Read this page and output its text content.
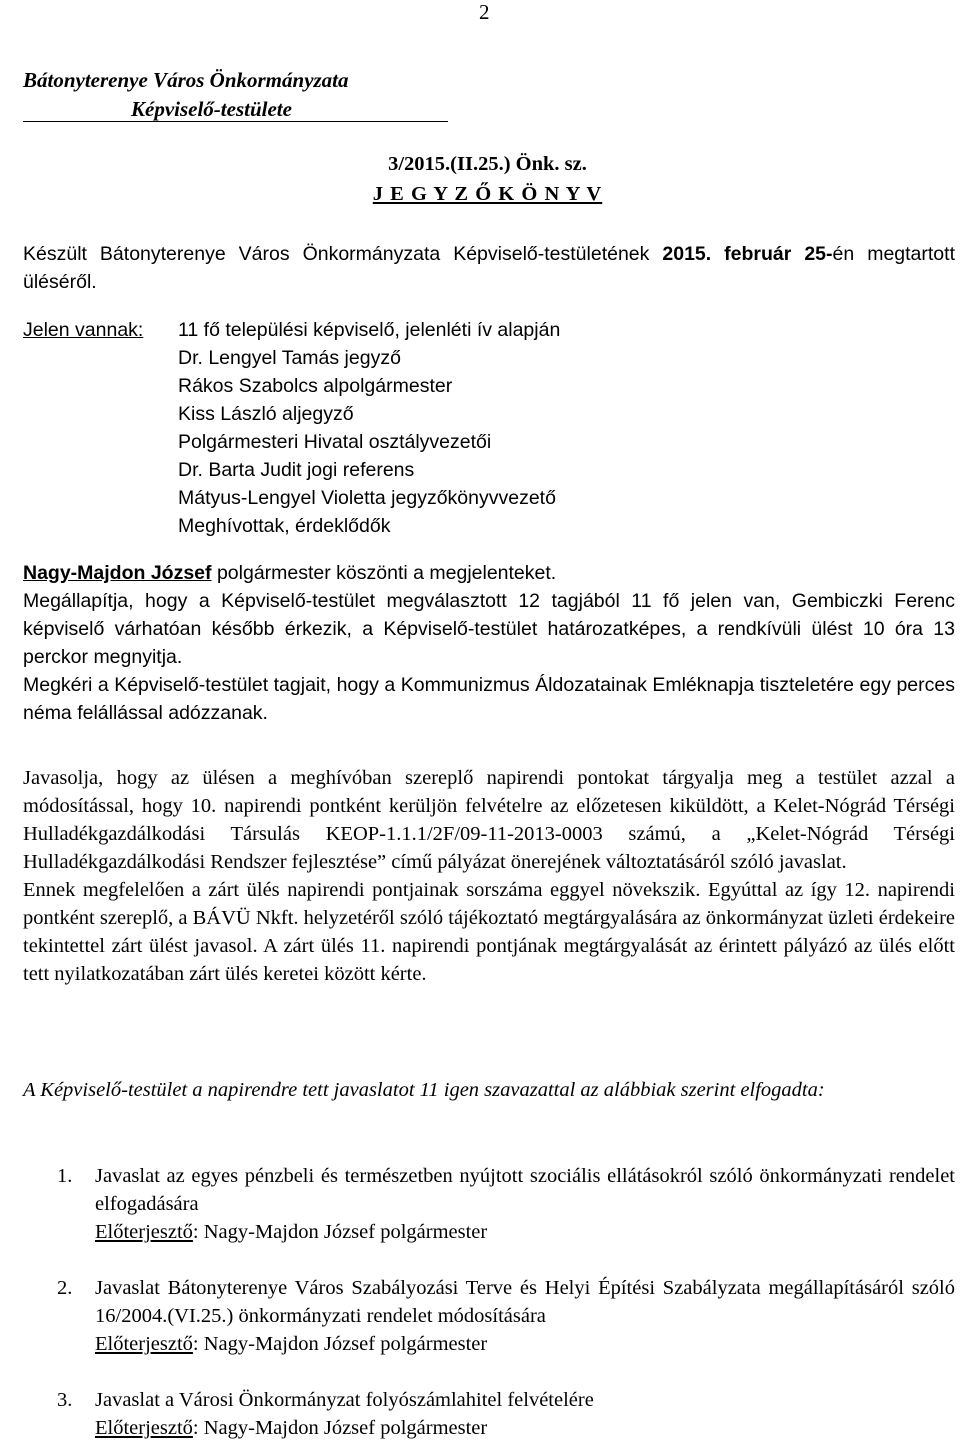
2
Bátonyterenye Város Önkormányzata
Képviselő-testülete
3/2015.(II.25.) Önk. sz.
J E G Y Z Ő K Ö N Y V
Készült Bátonyterenye Város Önkormányzata Képviselő-testületének 2015. február 25-én megtartott üléséről.
Jelen vannak: 11 fő települési képviselő, jelenléti ív alapján
Dr. Lengyel Tamás jegyző
Rákos Szabolcs alpolgármester
Kiss László aljegyző
Polgármesteri Hivatal osztályvezetői
Dr. Barta Judit jogi referens
Mátyus-Lengyel Violetta jegyzőkönyvvezető
Meghívottak, érdeklődők

Nagy-Majdon József polgármester köszönti a megjelenteket.

Megállapítja, hogy a Képviselő-testület megválasztott 12 tagjából 11 fő jelen van, Gembiczki Ferenc képviselő várhatóan később érkezik, a Képviselő-testület határozatképes, a rendkívüli ülést 10 óra 13 perckor megnyitja.

Megkéri a Képviselő-testület tagjait, hogy a Kommunizmus Áldozatainak Emléknapja tiszteletére egy perces néma felállással adózzanak.

Javasolja, hogy az ülésen a meghívóban szereplő napirendi pontokat tárgyalja meg a testület azzal a módosítással, hogy 10. napirendi pontként kerüljön felvételre az előzetesen kiküldött, a Kelet-Nógrád Térségi Hulladékgazdálkodási Társulás KEOP-1.1.1/2F/09-11-2013-0003 számú, a „Kelet-Nógrád Térségi Hulladékgazdálkodási Rendszer fejlesztése” című pályázat önerejének változtatásáról szóló javaslat.

Ennek megfelelően a zárt ülés napirendi pontjainak sorszáma eggyel növekszik. Egyúttal az így 12. napirendi pontként szereplő, a BÁVÜ Nkft. helyzetéről szóló tájékoztató megtárgyalására az önkormányzat üzleti érdekeire tekintettel zárt ülést javasol. A zárt ülés 11. napirendi pontjának megtárgyalását az érintett pályázó az ülés előtt tett nyilatkozatában zárt ülés keretei között kérte.

A Képviselő-testület a napirendre tett javaslatot 11 igen szavazattal az alábbiak szerint elfogadta:
1. Javaslat az egyes pénzbeli és természetben nyújtott szociális ellátásokról szóló önkormányzati rendelet elfogadására
Előterjesztő: Nagy-Majdon József polgármester
2. Javaslat Bátonyterenye Város Szabályozási Terve és Helyi Építési Szabályzata megállapításáról szóló 16/2004.(VI.25.) önkormányzati rendelet módosítására
Előterjesztő: Nagy-Majdon József polgármester
3. Javaslat a Városi Önkormányzat folyószámlahitel felvételére
Előterjesztő: Nagy-Majdon József polgármester
